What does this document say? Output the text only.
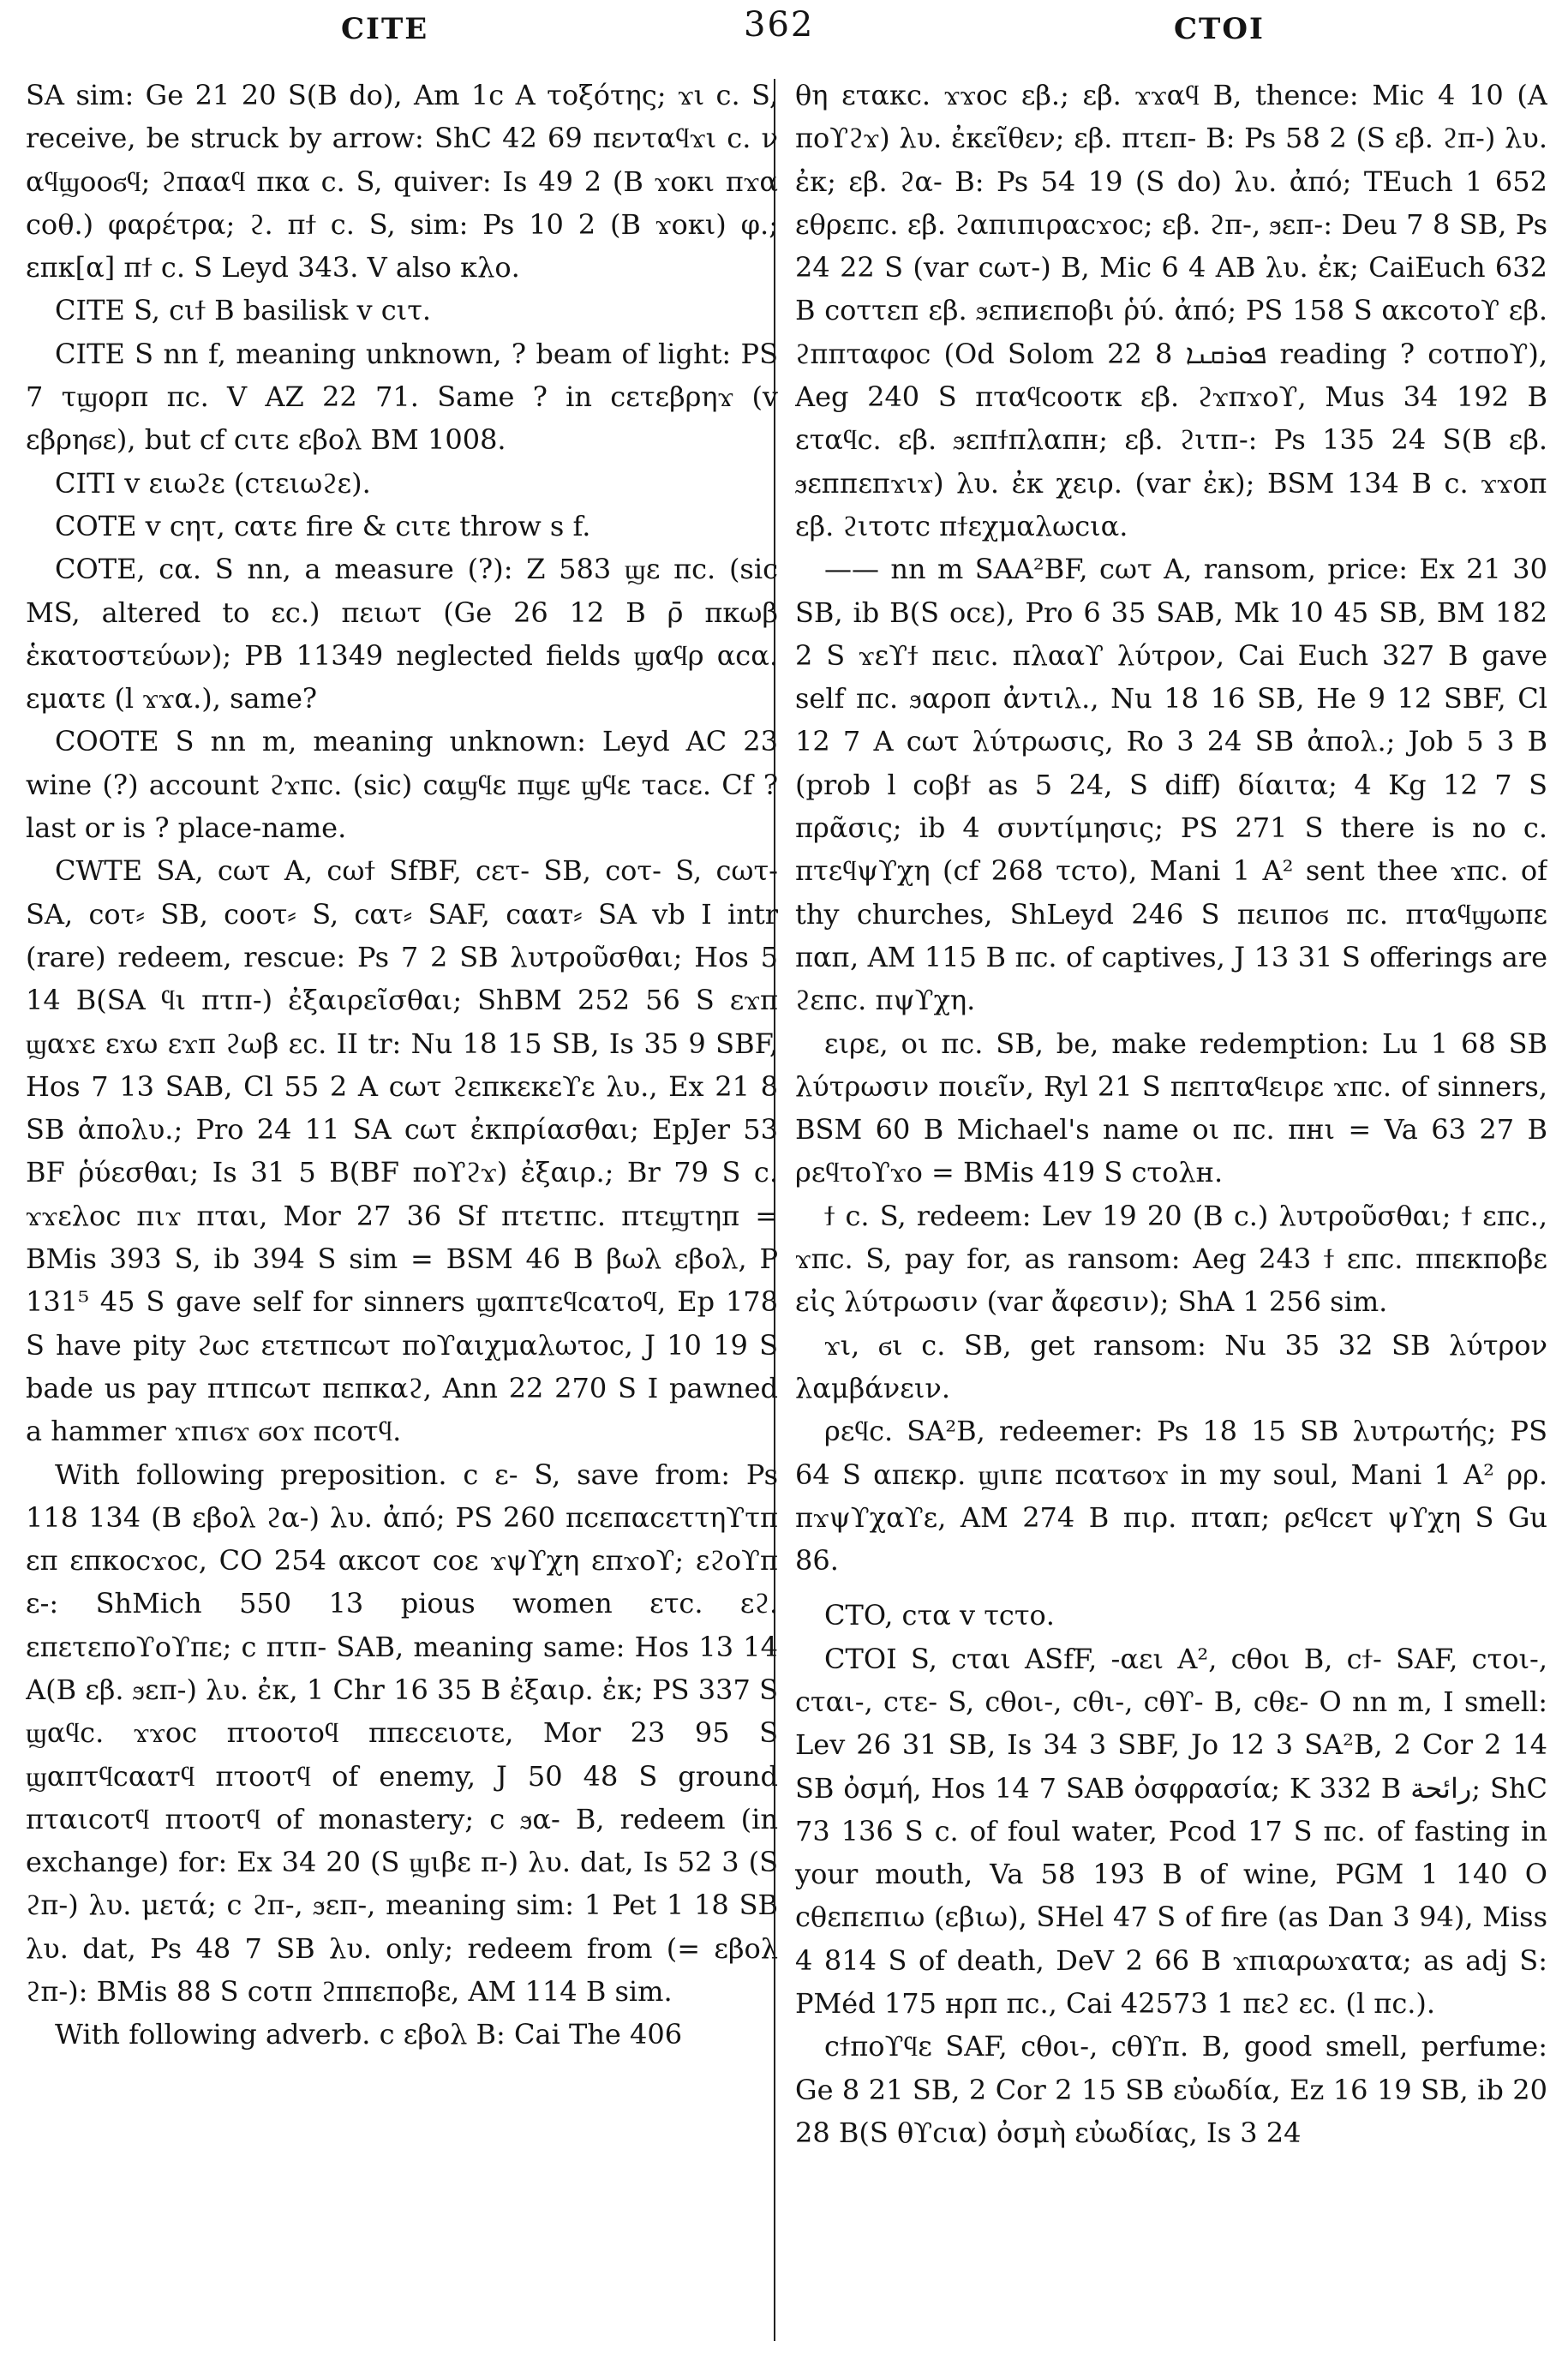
CITE	362	CTOI

SA sim: Ge 21 20 S(B do), Am 1c A τοξότης; ϫι c. S, receive, be struck by arrow: ShC 42 69 πενταϥϫι c. ν αϥϣοοϭϥ; ϩπααϥ πκα c. S, quiver: Is 49 2 (B ϫοκι πϫα coθ.) φαρέτρα; ϩ. πϯ c. S, sim: Ps 10 2 (B ϫοκι) φ.; επκ[α] πϯ c. S Leyd 343. V also κλο.

CITE S, cιϯ B basilisk v cιτ.

CITE S nn f, meaning unknown, ? beam of light: PS 7 τϣορπ πc. V AZ 22 71. Same ? in cετεβρηϫ (v εβρηϭε), but cf cιτε εβολ BM 1008.

CITI v ειωϩε (cτειωϩε).

COTE v cητ, cατε fire & cιτε throw s f.

COTE, cα. S nn, a measure (?): Z 583 ϣε πc. (sic MS, altered to εc.) πειωτ (Ge 26 12 B ρ̄ πκωβ ἑκατοστεύων); PB 11349 neglected fields ϣαϥρ αcα. εματε (l ϫϫα.), same?

COOTE S nn m, meaning unknown: Leyd AC 23 wine (?) account ϩϫπc. (sic) cαϣϥε πϣε ϣϥε τacε. Cf ? last or is ? place-name.

CWTE SA, cωτ A, cωϯ SfBF, cετ- SB, cοτ- S, cωτ- SA, cοτ⸗ SB, cοοτ⸗ S, cατ⸗ SAF, cααт⸗ SA vb I intr (rare) redeem, rescue: Ps 7 2 SB λυτροῦσθαι; Hos 5 14 B(SA ϥι πτπ-) ἐξαιρεῖσθαι; ShBM 252 56 S εϫπ ϣαϫε εϫω εϫπ ϩωβ εc. II tr: Nu 18 15 SB, Is 35 9 SBF, Hos 7 13 SAB, Cl 55 2 A cωτ ϩεπκεκεϒε λυ., Ex 21 8 SB ἀπολυ.; Pro 24 11 SA cωτ ἐκπρίασθαι; EpJer 53 BF ῥύεσθαι; Is 31 5 B(BF ποϒϩϫ) ἐξαιρ.; Br 79 S c. ϫϫελοc πιϫ πται, Mor 27 36 Sf πτετπc. πτεϣτηπ = BMis 393 S, ib 394 S sim = BSM 46 B βωλ εβολ, P 131⁵ 45 S gave self for sinners ϣαπτεϥcατοϥ, Ep 178 S have pity ϩωc ετετπcωτ ποϒαιχμαλωτοc, J 10 19 S bade us pay πτπcωτ πεπκαϩ, Ann 22 270 S I pawned a hammer ϫπιϭϫ ϭοϫ πcοτϥ.

With following preposition. c ε- S, save from: Ps 118 134 (B εβολ ϩα-) λυ. ἀπό; PS 260 πcεπαcεττηϒτπ επ επκοcϫοc, CO 254 ακcοτ coε ϫψϒχη επϫοϒ; εϩοϒπ ε-: ShMich 550 13 pious women ετc. εϩ. επετεποϒοϒπε; c πτπ- SAB, meaning same: Hos 13 14 A(B εβ. ϧεπ-) λυ. ἐκ, 1 Chr 16 35 B ἐξαιρ. ἐκ; PS 337 S ϣαϥc. ϫϫοc πτοοτοϥ ππεcειοτε, Mor 23 95 S ϣαπτϥcααтϥ πτοοτϥ of enemy, J 50 48 S ground πταιcοτϥ πτοοτϥ of monastery; c ϧα- B, redeem (in exchange) for: Ex 34 20 (S ϣιβε π-) λυ. dat, Is 52 3 (S ϩπ-) λυ. μετά; c ϩπ-, ϧεπ-, meaning sim: 1 Pet 1 18 SB λυ. dat, Ps 48 7 SB λυ. only; redeem from (= εβολ ϩπ-): BMis 88 S cοτπ ϩππεποβε, AM 114 B sim.

With following adverb. c εβολ B: Cai The 406

θη εταкc. ϫϫοc εβ.; εβ. ϫϫαϥ B, thence: Mic 4 10 (A ποϒϩϫ) λυ. ἐκεῖθεν; εβ. πτεπ- B: Ps 58 2 (S εβ. ϩπ-) λυ. ἐκ; εβ. ϩα- B: Ps 54 19 (S do) λυ. ἀπό; TEuch 1 652 εθρεπc. εβ. ϩαπιπιραcϫοc; εβ. ϩπ-, ϧεπ-: Deu 7 8 SB, Ps 24 22 S (var cωτ-) B, Mic 6 4 AB λυ. ἐκ; CaiEuch 632 B cοττεп εβ. ϧεπиεпοβι ῥύ. ἀπό; PS 158 S ακcοτοϒ εβ. ϩππταφοc (Od Solom 22 8 ܦܘܪܩܢܐ reading ? cοτποϒ), Aeg 240 S πταϥcοοτκ εβ. ϩϫπϫοϒ, Mus 34 192 B εταϥc. εβ. ϧεπϯπλαпн; εβ. ϩιτп-: Ps 135 24 S(B εβ. ϧεппεпϫιϫ) λυ. ἐκ χειρ. (var ἐκ); BSM 134 B c. ϫϫοп εβ. ϩιτοτc πϯεχμαλωcια.

—— nn m SAA²BF, cωτ A, ransom, price: Ex 21 30 SB, ib B(S οcε), Pro 6 35 SAB, Mk 10 45 SB, BM 182 2 S ϫεϒϯ πειc. πλααϒ λύτρον, Cai Euch 327 B gave self πc. ϧαροп ἀντιλ., Nu 18 16 SB, He 9 12 SBF, Cl 12 7 A cωτ λύτρωσις, Ro 3 24 SB ἀπολ.; Job 5 3 B (prob l coβϯ as 5 24, S diff) δίαιτα; 4 Kg 12 7 S πρᾶσις; ib 4 συντίμησις; PS 271 S there is no c. πτεϥψϒχη (cf 268 τcτο), Mani 1 A² sent thee ϫπc. of thy churches, ShLeyd 246 S πειποϭ πc. πταϥϣωπε παп, AM 115 B πc. of captives, J 13 31 S offerings are ϩεпc. πψϒχη.

ειρε, οι πc. SB, be, make redemption: Lu 1 68 SB λύτρωσιν ποιεῖν, Ryl 21 S πεпταϥειρε ϫπc. of sinners, BSM 60 B Michael's name οι πc. πнι = Va 63 27 B ρεϥτοϒϫο = BMis 419 S cτολн.

ϯ c. S, redeem: Lev 19 20 (B c.) λυτροῦσθαι; ϯ επc., ϫπc. S, pay for, as ransom: Aeg 243 ϯ επc. ππεκποβε εἰς λύτρωσιν (var ἄφεσιν); ShA 1 256 sim.

ϫι, ϭι c. SB, get ransom: Nu 35 32 SB λύτρον λαμβάνειν.

ρεϥc. SA²B, redeemer: Ps 18 15 SB λυτρωτής; PS 64 S απεκρ. ϣιпε πcατϭοϫ in my soul, Mani 1 A² ρρ. πϫψϒχαϒε, AM 274 B πιρ. πταп; ρεϥcετ ψϒχη S Gu 86.

CTO, cτα v τcτο.

CTOI S, cται ASfF, -αει A², cθοι B, cϯ- SAF, cτοι-, cται-, cτε- S, cθοι-, cθι-, cθϒ- B, cθε- O nn m, I smell: Lev 26 31 SB, Is 34 3 SBF, Jo 12 3 SA²B, 2 Cor 2 14 SB ὀσμή, Hos 14 7 SAB ὀσφρασία; K 332 B رائحة; ShC 73 136 S c. of foul water, Pcod 17 S πc. of fasting in your mouth, Va 58 193 B of wine, PGM 1 140 O cθεпεπιω (εβιω), SHel 47 S of fire (as Dan 3 94), Miss 4 814 S of death, DeV 2 66 B ϫπιαρωϫατα; as adj S: PMéd 175 нρπ πc., Cai 42573 1 πεϩ εc. (l πc.).

cϯποϒϥε SAF, cθοι-, cθϒπ. B, good smell, perfume: Ge 8 21 SB, 2 Cor 2 15 SB εὐωδία, Ez 16 19 SB, ib 20 28 B(S θϒcια) ὀσμὴ εὐωδίας, Is 3 24
